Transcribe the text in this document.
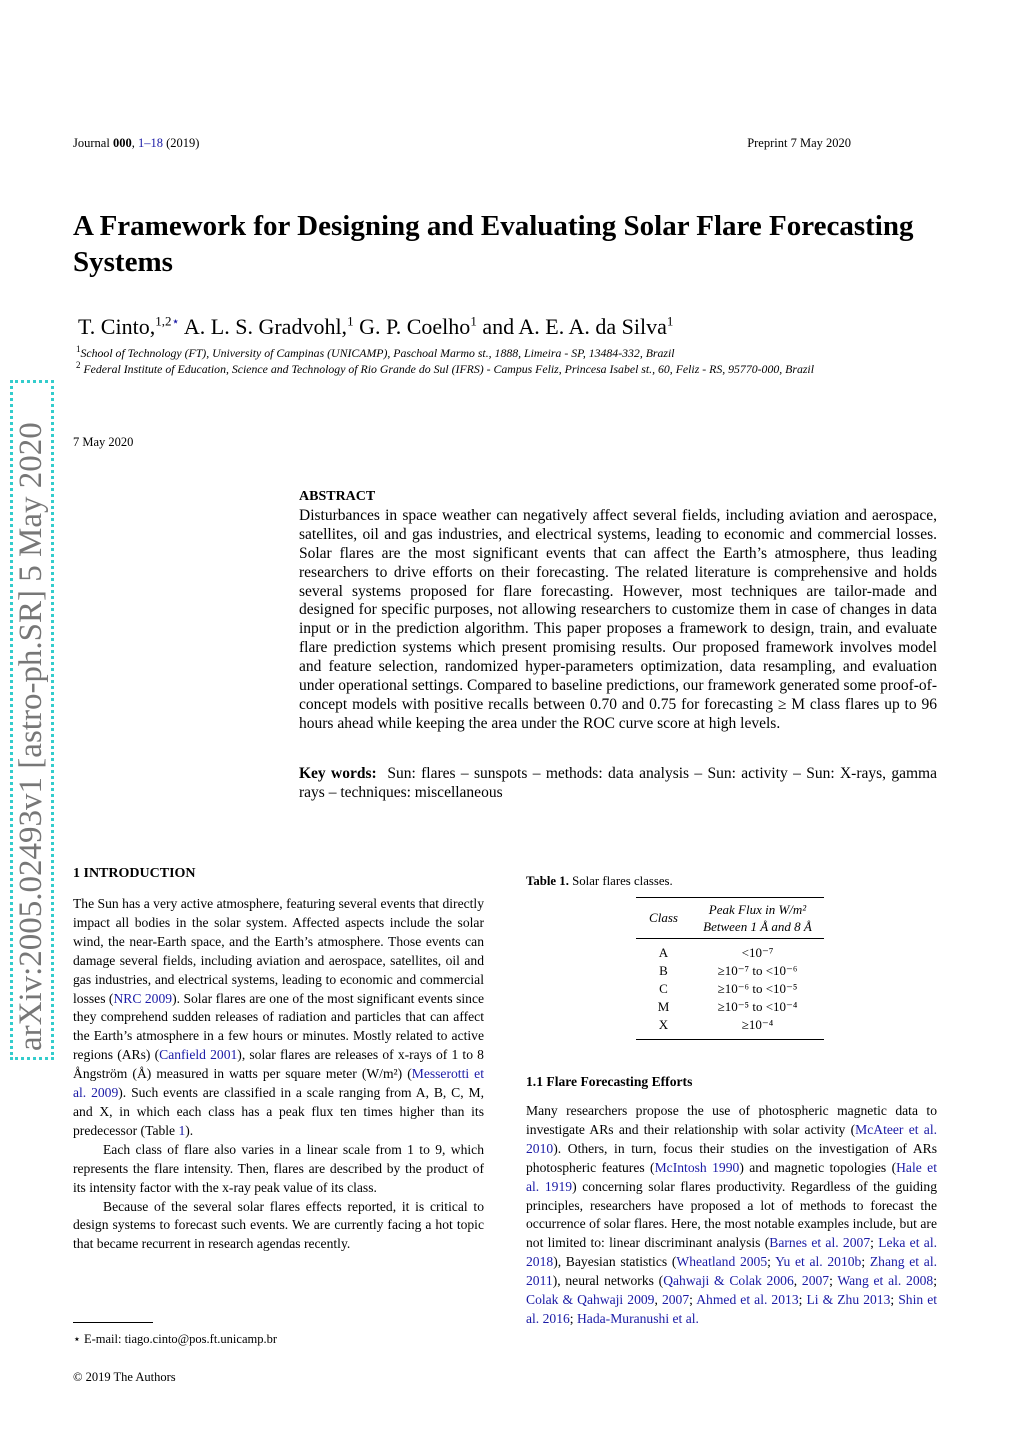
Journal 000, 1–18 (2019)	Preprint 7 May 2020
A Framework for Designing and Evaluating Solar Flare Forecasting Systems
T. Cinto,$^{1,2⋆}$ A. L. S. Gradvohl,$^1$ G. P. Coelho$^1$ and A. E. A. da Silva$^1$
$^1$School of Technology (FT), University of Campinas (UNICAMP), Paschoal Marmo st., 1888, Limeira - SP, 13484-332, Brazil
$^2$ Federal Institute of Education, Science and Technology of Rio Grande do Sul (IFRS) - Campus Feliz, Princesa Isabel st., 60, Feliz - RS, 95770-000, Brazil
7 May 2020
arXiv:2005.02493v1 [astro-ph.SR] 5 May 2020	ABSTRACT
Disturbances in space weather can negatively affect several fields, including aviation and aerospace, satellites, oil and gas industries, and electrical systems, leading to economic and commercial losses. Solar flares are the most significant events that can affect the Earth’s atmosphere, thus leading researchers to drive efforts on their forecasting. The related literature is comprehensive and holds several systems proposed for flare forecasting. However, most techniques are tailor-made and designed for specific purposes, not allowing researchers to customize them in case of changes in data input or in the prediction algorithm. This paper proposes a framework to design, train, and evaluate flare prediction systems which present promising results. Our proposed framework involves model and feature selection, randomized hyper-parameters optimization, data resampling, and evaluation under operational settings. Compared to baseline predictions, our framework generated some proof-of-concept models with positive recalls between 0.70 and 0.75 for forecasting ≥ M class flares up to 96 hours ahead while keeping the area under the ROC curve score at high levels.
Key words: Sun: flares – sunspots – methods: data analysis – Sun: activity – Sun: X-rays, gamma rays – techniques: miscellaneous
1 INTRODUCTION
The Sun has a very active atmosphere, featuring several events that directly impact all bodies in the solar system. Affected aspects include the solar wind, the near-Earth space, and the Earth’s atmosphere. Those events can damage several fields, including aviation and aerospace, satellites, oil and gas industries, and electrical systems, leading to economic and commercial losses (NRC 2009). Solar flares are one of the most significant events since they comprehend sudden releases of radiation and particles that can affect the Earth’s atmosphere in a few hours or minutes. Mostly related to active regions (ARs) (Canfield 2001), solar flares are releases of x-rays of 1 to 8 Ångström (Å) measured in watts per square meter (W/m²) (Messerotti et al. 2009). Such events are classified in a scale ranging from A, B, C, M, and X, in which each class has a peak flux ten times higher than its predecessor (Table 1).
Each class of flare also varies in a linear scale from 1 to 9, which represents the flare intensity. Then, flares are described by the product of its intensity factor with the x-ray peak value of its class.
Because of the several solar flares effects reported, it is critical to design systems to forecast such events. We are currently facing a hot topic that became recurrent in research agendas recently.
⋆ E-mail: tiago.cinto@pos.ft.unicamp.br
© 2019 The Authors
Table 1. Solar flares classes.
Class	Peak Flux in W/m²
Between 1 Å and 8 Å

A	<10⁻⁷
B	≥10⁻⁷ to <10⁻⁶
C	≥10⁻⁶ to <10⁻⁵
M	≥10⁻⁵ to <10⁻⁴
X	≥10⁻⁴
1.1 Flare Forecasting Efforts
Many researchers propose the use of photospheric magnetic data to investigate ARs and their relationship with solar activity (McAteer et al. 2010). Others, in turn, focus their studies on the investigation of ARs photospheric features (McIntosh 1990) and magnetic topologies (Hale et al. 1919) concerning solar flares productivity. Regardless of the guiding principles, researchers have proposed a lot of methods to forecast the occurrence of solar flares. Here, the most notable examples include, but are not limited to: linear discriminant analysis (Barnes et al. 2007; Leka et al. 2018), Bayesian statistics (Wheatland 2005; Yu et al. 2010b; Zhang et al. 2011), neural networks (Qahwaji & Colak 2006, 2007; Wang et al. 2008; Colak & Qahwaji 2009, 2007; Ahmed et al. 2013; Li & Zhu 2013; Shin et al. 2016; Hada-Muranushi et al.
